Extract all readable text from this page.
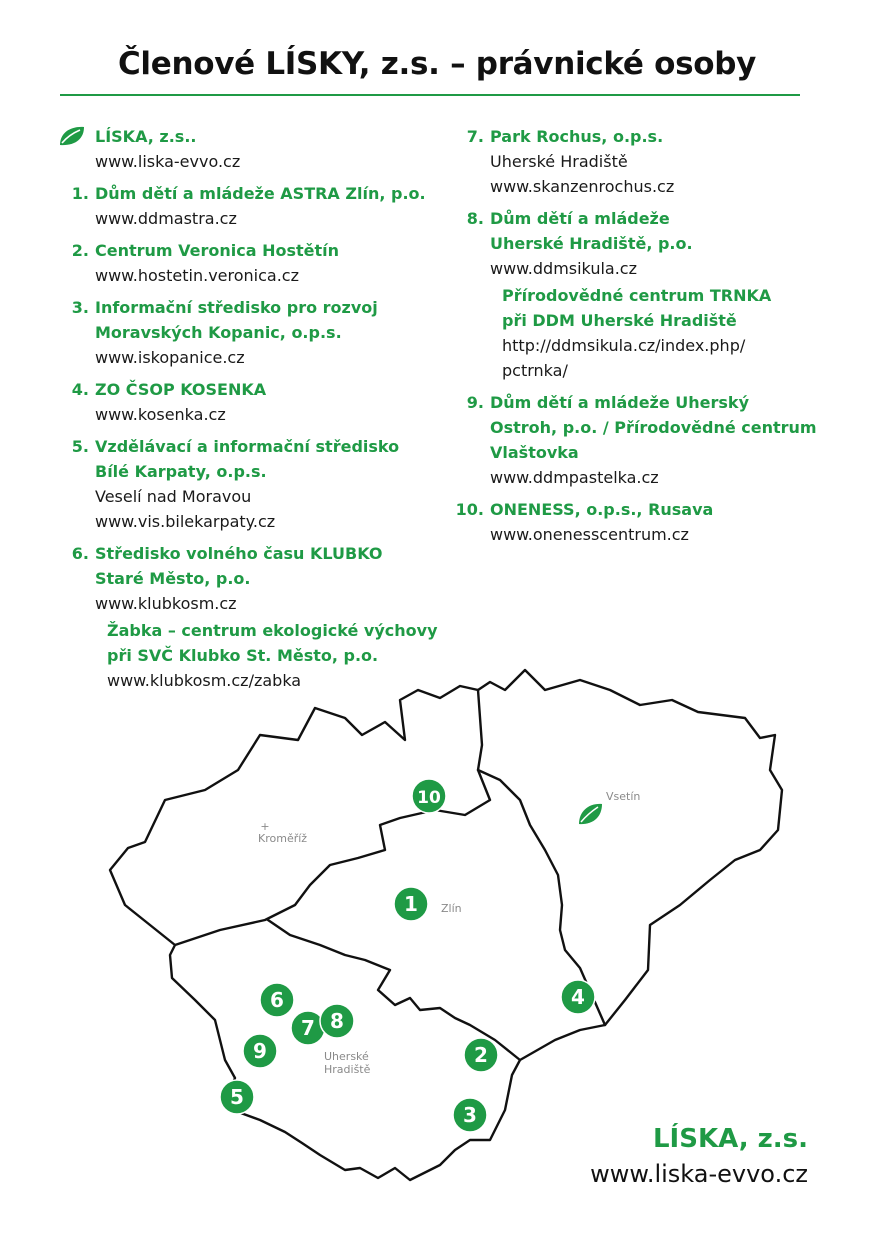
Členové LÍSKY, z.s. – právnické osoby
LÍSKA, z.s..
www.liska-evvo.cz
1. Dům dětí a mládeže ASTRA Zlín, p.o.
www.ddmastra.cz
2. Centrum Veronica Hostětín
www.hostetin.veronica.cz
3. Informační středisko pro rozvoj
Moravských Kopanic, o.p.s.
www.iskopanice.cz
4. ZO ČSOP KOSENKA
www.kosenka.cz
5. Vzdělávací a informační středisko
Bílé Karpaty, o.p.s.
Veselí nad Moravou
www.vis.bilekarpaty.cz
6. Středisko volného času KLUBKO
Staré Město, p.o.
www.klubkosm.cz
Žabka – centrum ekologické výchovy
při SVČ Klubko St. Město, p.o.
www.klubkosm.cz/zabka
7. Park Rochus, o.p.s.
Uherské Hradiště
www.skanzenrochus.cz
8. Dům dětí a mládeže
Uherské Hradiště, p.o.
www.ddmsikula.cz
Přírodovědné centrum TRNKA
při DDM Uherské Hradiště
http://ddmsikula.cz/index.php/
pctrnka/
9. Dům dětí a mládeže Uherský
Ostroh, p.o. / Přírodovědné centrum
Vlaštovka
www.ddmpastelka.cz
10. ONENESS, o.p.s., Rusava
www.onenesscentrum.cz
1
2
3
4
5
6
7 8
9
10
+
Kroměříž
Zlín
Vsetín
Uherské
Hradiště
LÍSKA, z.s.
www.liska-evvo.cz
